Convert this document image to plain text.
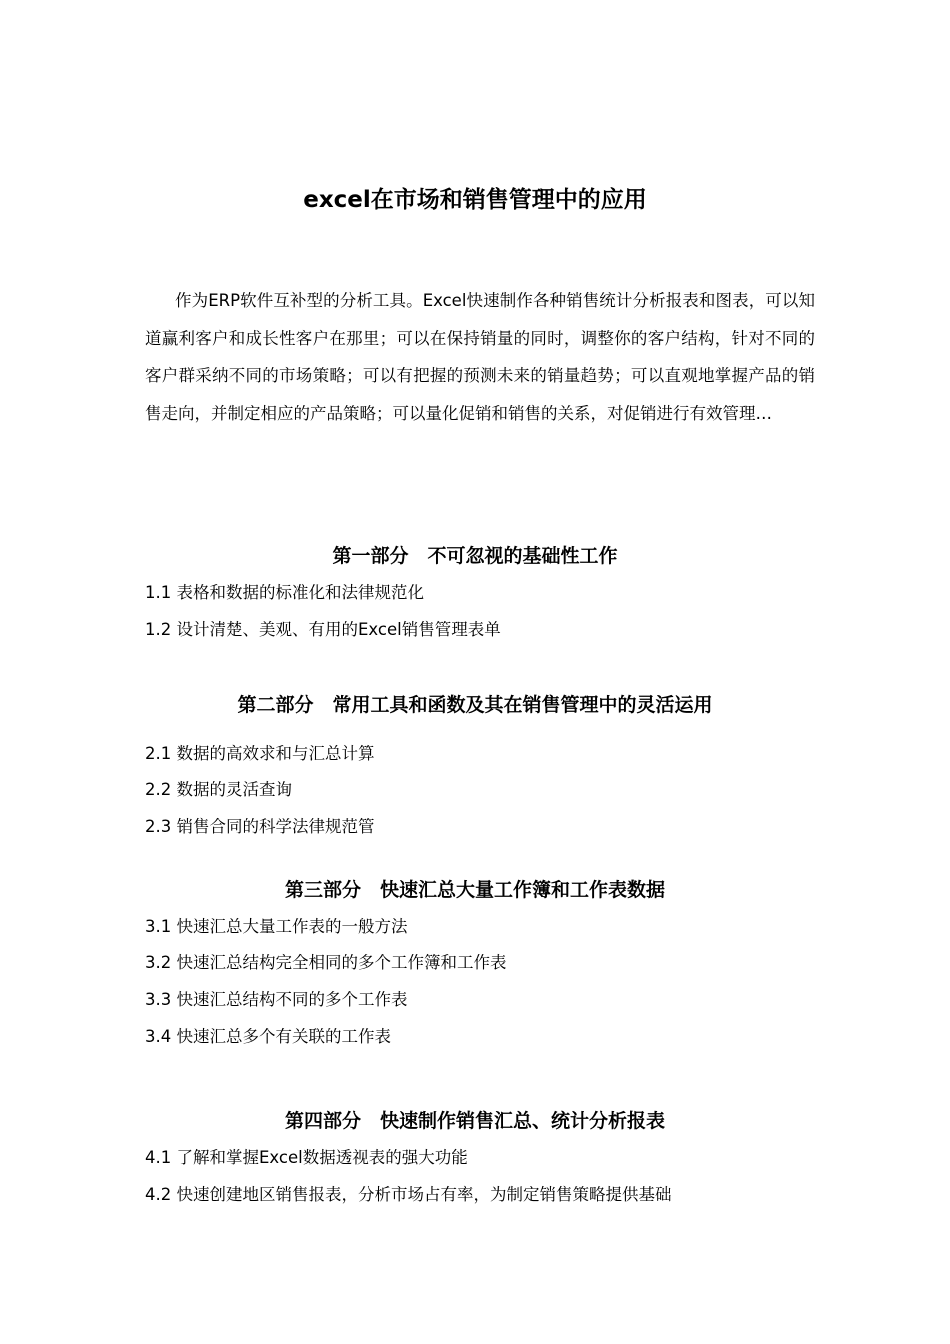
excel在市场和销售管理中的应用

作为ERP软件互补型的分析工具。Excel快速制作各种销售统计分析报表和图表，可以知道赢利客户和成长性客户在那里；可以在保持销量的同时，调整你的客户结构，针对不同的客户群采纳不同的市场策略；可以有把握的预测未来的销量趋势；可以直观地掌握产品的销售走向，并制定相应的产品策略；可以量化促销和销售的关系，对促销进行有效管理…

第一部分　不可忽视的基础性工作

1.1 表格和数据的标准化和法律规范化

1.2 设计清楚、美观、有用的Excel销售管理表单

第二部分　常用工具和函数及其在销售管理中的灵活运用

2.1 数据的高效求和与汇总计算

2.2 数据的灵活查询

2.3 销售合同的科学法律规范管

第三部分　快速汇总大量工作簿和工作表数据

3.1 快速汇总大量工作表的一般方法

3.2 快速汇总结构完全相同的多个工作簿和工作表

3.3 快速汇总结构不同的多个工作表

3.4 快速汇总多个有关联的工作表

第四部分　快速制作销售汇总、统计分析报表

4.1 了解和掌握Excel数据透视表的强大功能

4.2 快速创建地区销售报表，分析市场占有率，为制定销售策略提供基础
